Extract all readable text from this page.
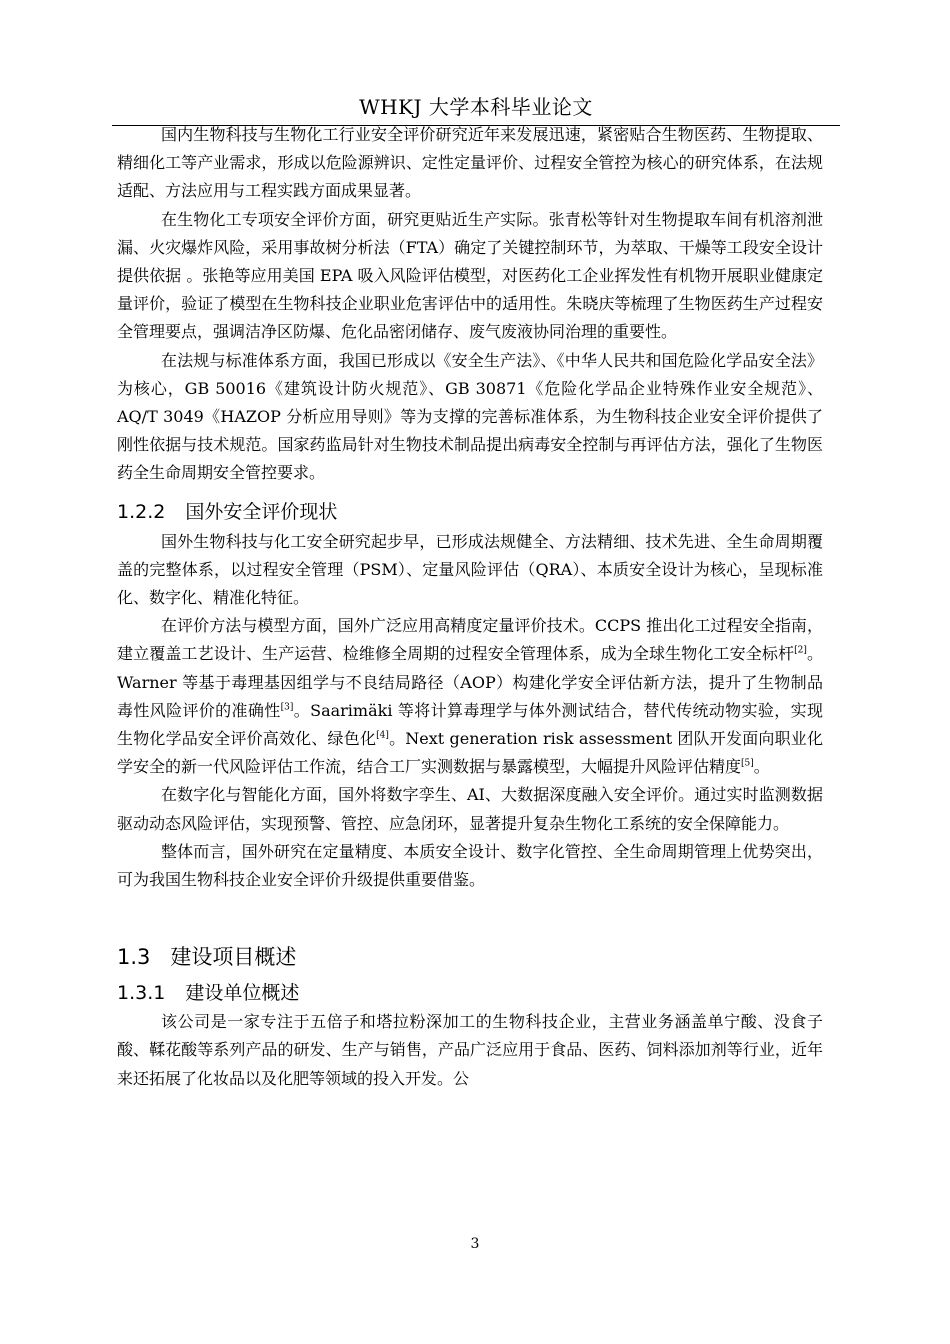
WHKJ 大学本科毕业论文

国内生物科技与生物化工行业安全评价研究近年来发展迅速，紧密贴合生物医药、生物提取、精细化工等产业需求，形成以危险源辨识、定性定量评价、过程安全管控为核心的研究体系，在法规适配、方法应用与工程实践方面成果显著。

在生物化工专项安全评价方面，研究更贴近生产实际。张青松等针对生物提取车间有机溶剂泄漏、火灾爆炸风险，采用事故树分析法（FTA）确定了关键控制环节，为萃取、干燥等工段安全设计提供依据 。张艳等应用美国 EPA 吸入风险评估模型，对医药化工企业挥发性有机物开展职业健康定量评价，验证了模型在生物科技企业职业危害评估中的适用性。朱晓庆等梳理了生物医药生产过程安全管理要点，强调洁净区防爆、危化品密闭储存、废气废液协同治理的重要性。

在法规与标准体系方面，我国已形成以《安全生产法》、《中华人民共和国危险化学品安全法》为核心，GB 50016《建筑设计防火规范》、GB 30871《危险化学品企业特殊作业安全规范》、AQ/T 3049《HAZOP 分析应用导则》等为支撑的完善标准体系，为生物科技企业安全评价提供了刚性依据与技术规范。国家药监局针对生物技术制品提出病毒安全控制与再评估方法，强化了生物医药全生命周期安全管控要求。

1.2.2 国外安全评价现状

国外生物科技与化工安全研究起步早，已形成法规健全、方法精细、技术先进、全生命周期覆盖的完整体系，以过程安全管理（PSM）、定量风险评估（QRA）、本质安全设计为核心，呈现标准化、数字化、精准化特征。

在评价方法与模型方面，国外广泛应用高精度定量评价技术。CCPS 推出化工过程安全指南，建立覆盖工艺设计、生产运营、检维修全周期的过程安全管理体系，成为全球生物化工安全标杆[2]。Warner 等基于毒理基因组学与不良结局路径（AOP）构建化学安全评估新方法，提升了生物制品毒性风险评价的准确性[3]。Saarimäki 等将计算毒理学与体外测试结合，替代传统动物实验，实现生物化学品安全评价高效化、绿色化[4]。Next generation risk assessment 团队开发面向职业化学安全的新一代风险评估工作流，结合工厂实测数据与暴露模型，大幅提升风险评估精度[5]。

在数字化与智能化方面，国外将数字孪生、AI、大数据深度融入安全评价。通过实时监测数据驱动动态风险评估，实现预警、管控、应急闭环，显著提升复杂生物化工系统的安全保障能力。

整体而言，国外研究在定量精度、本质安全设计、数字化管控、全生命周期管理上优势突出，可为我国生物科技企业安全评价升级提供重要借鉴。

1.3 建设项目概述
1.3.1 建设单位概述

该公司是一家专注于五倍子和塔拉粉深加工的生物科技企业，主营业务涵盖单宁酸、没食子酸、鞣花酸等系列产品的研发、生产与销售，产品广泛应用于食品、医药、饲料添加剂等行业，近年来还拓展了化妆品以及化肥等领域的投入开发。公

3
